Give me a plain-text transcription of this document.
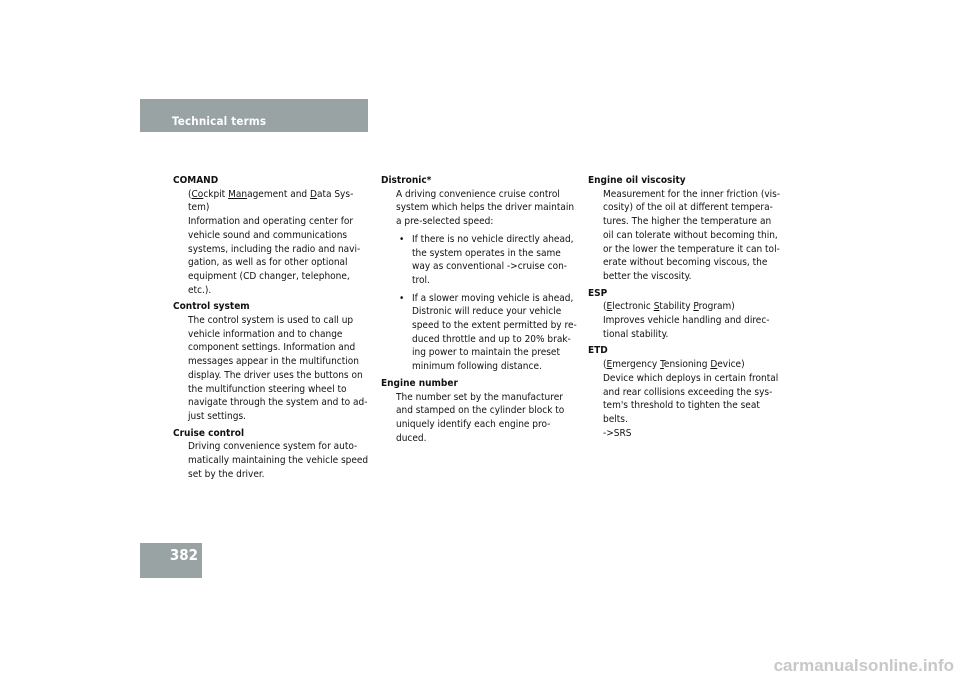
Technical terms
COMAND
(Cockpit Management and Data Sys-
tem)
Information and operating center for
vehicle sound and communications
systems, including the radio and navi-
gation, as well as for other optional
equipment (CD changer, telephone,
etc.).
Control system
The control system is used to call up
vehicle information and to change
component settings. Information and
messages appear in the multifunction
display. The driver uses the buttons on
the multifunction steering wheel to
navigate through the system and to ad-
just settings.
Cruise control
Driving convenience system for auto-
matically maintaining the vehicle speed
set by the driver.
Distronic*
A driving convenience cruise control
system which helps the driver maintain
a pre-selected speed:
• If there is no vehicle directly ahead,
the system operates in the same
way as conventional ->cruise con-
trol.
• If a slower moving vehicle is ahead,
Distronic will reduce your vehicle
speed to the extent permitted by re-
duced throttle and up to 20% brak-
ing power to maintain the preset
minimum following distance.
Engine number
The number set by the manufacturer
and stamped on the cylinder block to
uniquely identify each engine pro-
duced.
Engine oil viscosity
Measurement for the inner friction (vis-
cosity) of the oil at different tempera-
tures. The higher the temperature an
oil can tolerate without becoming thin,
or the lower the temperature it can tol-
erate without becoming viscous, the
better the viscosity.
ESP
(Electronic Stability Program)
Improves vehicle handling and direc-
tional stability.
ETD
(Emergency Tensioning Device)
Device which deploys in certain frontal
and rear collisions exceeding the sys-
tem's threshold to tighten the seat
belts.
->SRS
382
carmanualsonline.info
